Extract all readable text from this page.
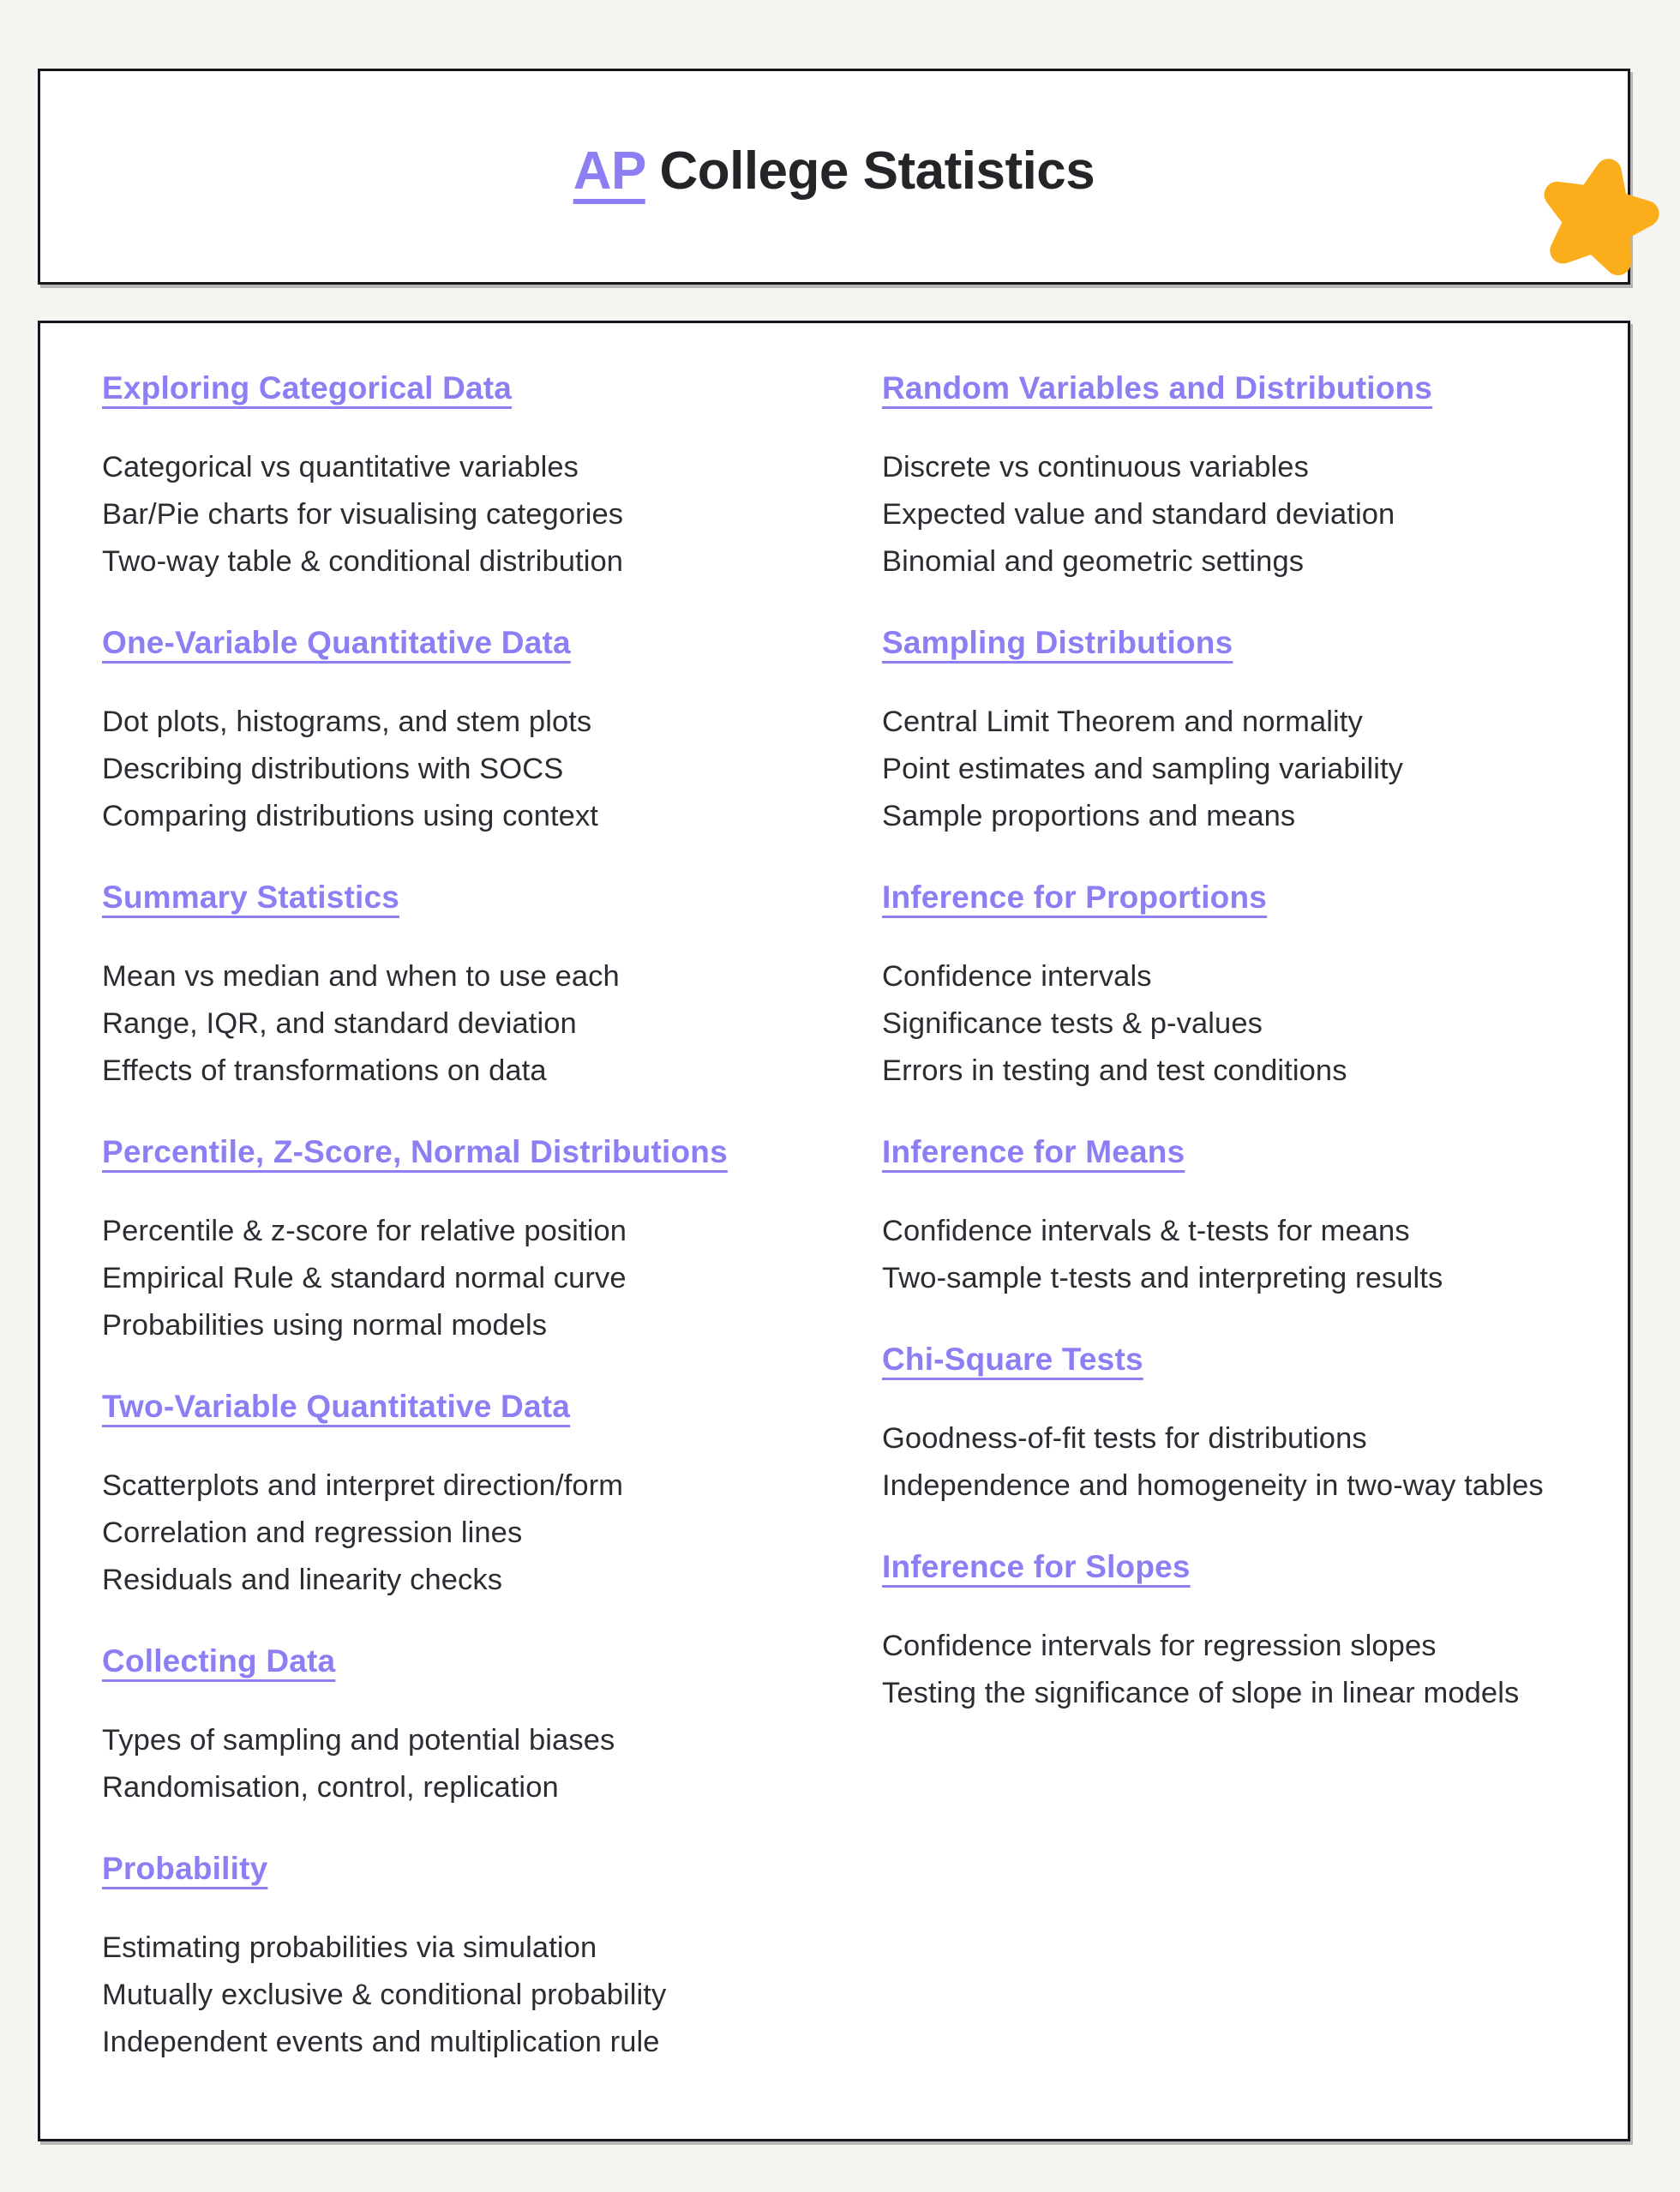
AP College Statistics
Exploring Categorical Data

Categorical vs quantitative variables

Bar/Pie charts for visualising categories

Two-way table & conditional distribution

One-Variable Quantitative Data

Dot plots, histograms, and stem plots

Describing distributions with SOCS

Comparing distributions using context

Summary Statistics

Mean vs median and when to use each

Range, IQR, and standard deviation

Effects of transformations on data

Percentile, Z-Score, Normal Distributions

Percentile & z-score for relative position

Empirical Rule & standard normal curve

Probabilities using normal models

Two-Variable Quantitative Data

Scatterplots and interpret direction/form

Correlation and regression lines

Residuals and linearity checks

Collecting Data

Types of sampling and potential biases

Randomisation, control, replication

Probability

Estimating probabilities via simulation

Mutually exclusive & conditional probability

Independent events and multiplication rule

Random Variables and Distributions

Discrete vs continuous variables

Expected value and standard deviation

Binomial and geometric settings

Sampling Distributions

Central Limit Theorem and normality

Point estimates and sampling variability

Sample proportions and means

Inference for Proportions

Confidence intervals

Significance tests & p-values

Errors in testing and test conditions

Inference for Means

Confidence intervals & t-tests for means

Two-sample t-tests and interpreting results

Chi-Square Tests

Goodness-of-fit tests for distributions

Independence and homogeneity in two-way tables

Inference for Slopes

Confidence intervals for regression slopes

Testing the significance of slope in linear models
